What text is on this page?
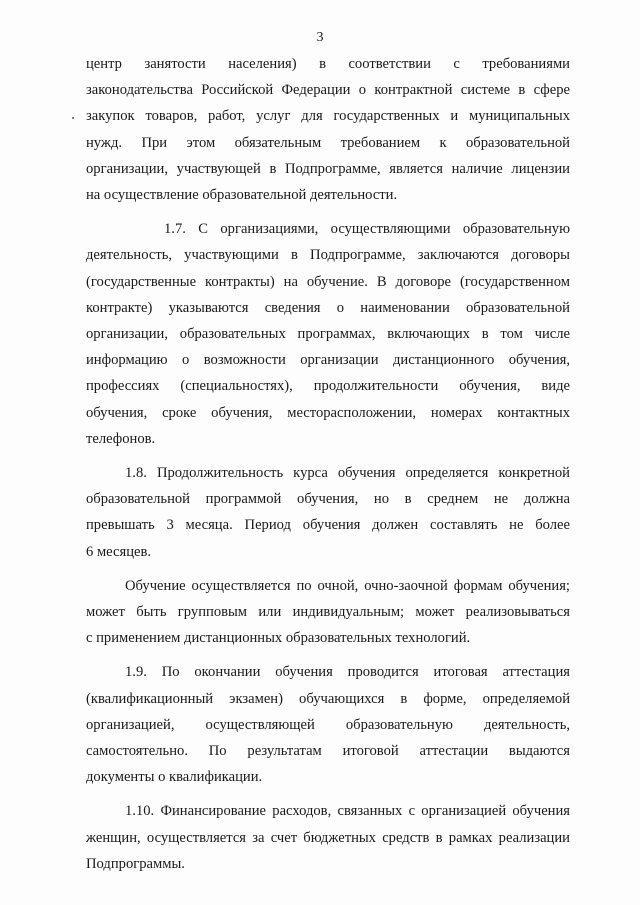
3

центр занятости населения) в соответствии с требованиями
законодательства Российской Федерации о контрактной системе в сфере
закупок товаров, работ, услуг для государственных и муниципальных
нужд. При этом обязательным требованием к образовательной
организации, участвующей в Подпрограмме, является наличие лицензии
на осуществление образовательной деятельности.

1.7. С организациями, осуществляющими образовательную
деятельность, участвующими в Подпрограмме, заключаются договоры
(государственные контракты) на обучение. В договоре (государственном
контракте) указываются сведения о наименовании образовательной
организации, образовательных программах, включающих в том числе
информацию о возможности организации дистанционного обучения,
профессиях (специальностях), продолжительности обучения, виде
обучения, сроке обучения, месторасположении, номерах контактных
телефонов.

1.8. Продолжительность курса обучения определяется конкретной
образовательной программой обучения, но в среднем не должна
превышать 3 месяца. Период обучения должен составлять не более
6 месяцев.

Обучение осуществляется по очной, очно-заочной формам обучения;
может быть групповым или индивидуальным; может реализовываться
с применением дистанционных образовательных технологий.

1.9. По окончании обучения проводится итоговая аттестация
(квалификационный экзамен) обучающихся в форме, определяемой
организацией, осуществляющей образовательную деятельность,
самостоятельно. По результатам итоговой аттестации выдаются
документы о квалификации.

1.10. Финансирование расходов, связанных с организацией обучения
женщин, осуществляется за счет бюджетных средств в рамках реализации
Подпрограммы.
